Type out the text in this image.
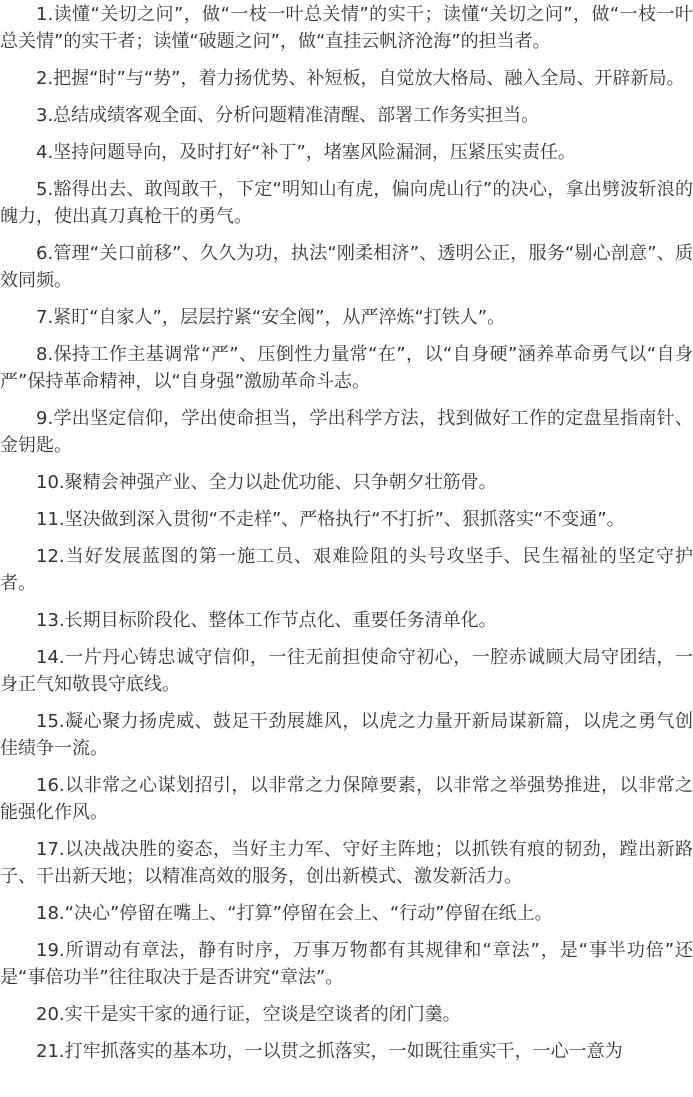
1.读懂“关切之问”，做“一枝一叶总关情”的实干；读懂“关切之问”，做“一枝一叶总关情”的实干者；读懂“破题之问”，做“直挂云帆济沧海”的担当者。

2.把握“时”与“势”，着力扬优势、补短板，自觉放大格局、融入全局、开辟新局。

3.总结成绩客观全面、分析问题精准清醒、部署工作务实担当。

4.坚持问题导向，及时打好“补丁”，堵塞风险漏洞，压紧压实责任。

5.豁得出去、敢闯敢干，下定“明知山有虎，偏向虎山行”的决心，拿出劈波斩浪的魄力，使出真刀真枪干的勇气。

6.管理“关口前移”、久久为功，执法“刚柔相济”、透明公正，服务“剔心剖意”、质效同频。

7.紧盯“自家人”，层层拧紧“安全阀”，从严淬炼“打铁人”。

8.保持工作主基调常“严”、压倒性力量常“在”，以“自身硬”涵养革命勇气以“自身严”保持革命精神，以“自身强”激励革命斗志。

9.学出坚定信仰，学出使命担当，学出科学方法，找到做好工作的定盘星指南针、金钥匙。

10.聚精会神强产业、全力以赴优功能、只争朝夕壮筋骨。

11.坚决做到深入贯彻“不走样”、严格执行“不打折”、狠抓落实“不变通”。

12.当好发展蓝图的第一施工员、艰难险阻的头号攻坚手、民生福祉的坚定守护者。

13.长期目标阶段化、整体工作节点化、重要任务清单化。

14.一片丹心铸忠诚守信仰，一往无前担使命守初心，一腔赤诚顾大局守团结，一身正气知敬畏守底线。

15.凝心聚力扬虎威、鼓足干劲展雄风，以虎之力量开新局谋新篇，以虎之勇气创佳绩争一流。

16.以非常之心谋划招引，以非常之力保障要素，以非常之举强势推进，以非常之能强化作风。

17.以决战决胜的姿态，当好主力军、守好主阵地；以抓铁有痕的韧劲，蹚出新路子、干出新天地；以精准高效的服务，创出新模式、激发新活力。

18.“决心”停留在嘴上、“打算”停留在会上、“行动”停留在纸上。

19.所谓动有章法，静有时序，万事万物都有其规律和“章法”，是“事半功倍”还是“事倍功半”往往取决于是否讲究“章法”。

20.实干是实干家的通行证，空谈是空谈者的闭门羹。

21.打牢抓落实的基本功，一以贯之抓落实，一如既往重实干，一心一意为
